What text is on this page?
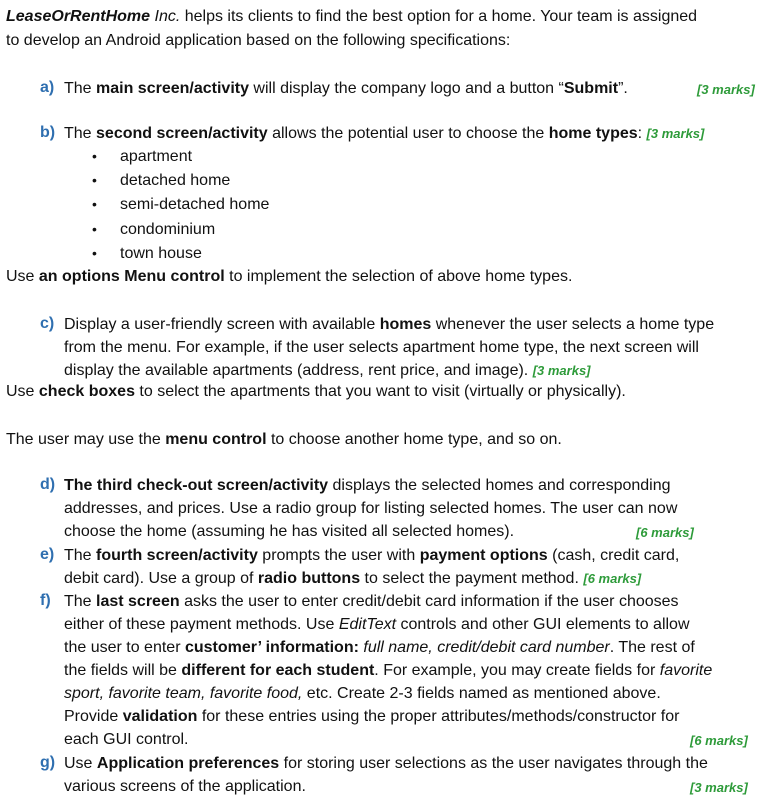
LeaseOrRentHome Inc. helps its clients to find the best option for a home. Your team is assigned
to develop an Android application based on the following specifications:
a) The main screen/activity will display the company logo and a button “Submit”.	[3 marks]
b) The second screen/activity allows the potential user to choose the home types: [3 marks]
• apartment
• detached home
• semi-detached home
• condominium
• town house
Use an options Menu control to implement the selection of above home types.
c) Display a user-friendly screen with available homes whenever the user selects a home type
from the menu. For example, if the user selects apartment home type, the next screen will
display the available apartments (address, rent price, and image). [3 marks]
Use check boxes to select the apartments that you want to visit (virtually or physically).
The user may use the menu control to choose another home type, and so on.
d) The third check-out screen/activity displays the selected homes and corresponding
addresses, and prices. Use a radio group for listing selected homes. The user can now
choose the home (assuming he has visited all selected homes).	[6 marks]
e) The fourth screen/activity prompts the user with payment options (cash, credit card,
debit card). Use a group of radio buttons to select the payment method. [6 marks]
f) The last screen asks the user to enter credit/debit card information if the user chooses
either of these payment methods. Use EditText controls and other GUI elements to allow
the user to enter customer’ information: full name, credit/debit card number. The rest of
the fields will be different for each student. For example, you may create fields for favorite
sport, favorite team, favorite food, etc. Create 2-3 fields named as mentioned above.
Provide validation for these entries using the proper attributes/methods/constructor for
each GUI control.	[6 marks]
g) Use Application preferences for storing user selections as the user navigates through the
various screens of the application.	[3 marks]
